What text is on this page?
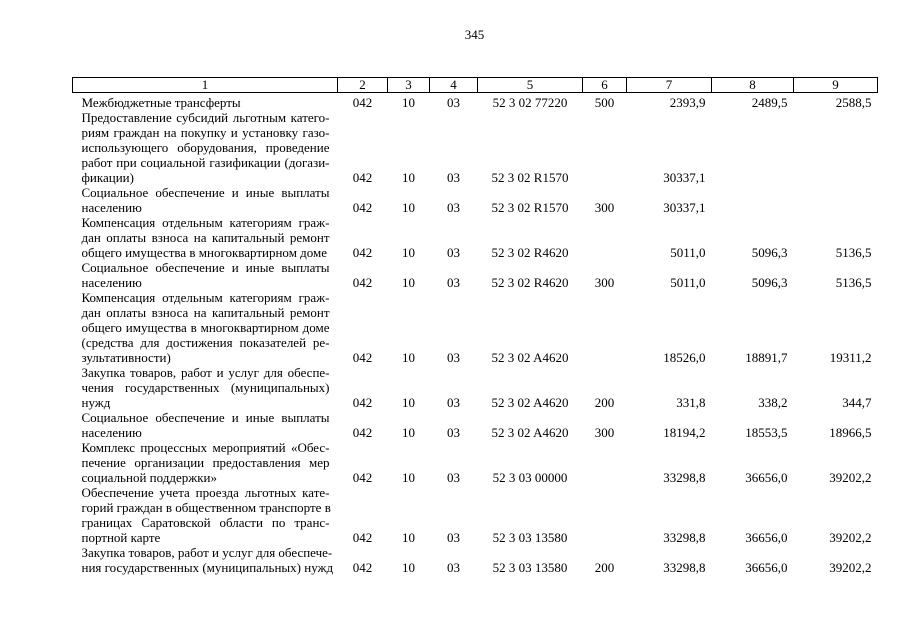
345
1	2	3	4	5	6	7	8	9

Межбюджетные трансферты	042	10	03	52 3 02 77220	500	2393,9	2489,5	2588,5

Предоставление субсидий льготным катего-
риям граждан на покупку и установку газо-
использующего оборудования, проведение
работ при социальной газификации (догази-
фикации)	042	10	03	52 3 02 R1570		30337,1		

Социальное обеспечение и иные выплаты
населению	042	10	03	52 3 02 R1570	300	30337,1		

Компенсация отдельным категориям граж-
дан оплаты взноса на капитальный ремонт
общего имущества в многоквартирном доме	042	10	03	52 3 02 R4620		5011,0	5096,3	5136,5

Социальное обеспечение и иные выплаты
населению	042	10	03	52 3 02 R4620	300	5011,0	5096,3	5136,5

Компенсация отдельным категориям граж-
дан оплаты взноса на капитальный ремонт
общего имущества в многоквартирном доме
(средства для достижения показателей ре-
зультативности)	042	10	03	52 3 02 A4620		18526,0	18891,7	19311,2

Закупка товаров, работ и услуг для обеспе-
чения государственных (муниципальных)
нужд	042	10	03	52 3 02 A4620	200	331,8	338,2	344,7

Социальное обеспечение и иные выплаты
населению	042	10	03	52 3 02 A4620	300	18194,2	18553,5	18966,5

Комплекс процессных мероприятий «Обес-
печение организации предоставления мер
социальной поддержки»	042	10	03	52 3 03 00000		33298,8	36656,0	39202,2

Обеспечение учета проезда льготных кате-
горий граждан в общественном транспорте в
границах Саратовской области по транс-
портной карте	042	10	03	52 3 03 13580		33298,8	36656,0	39202,2

Закупка товаров, работ и услуг для обеспече-
ния государственных (муниципальных) нужд	042	10	03	52 3 03 13580	200	33298,8	36656,0	39202,2
